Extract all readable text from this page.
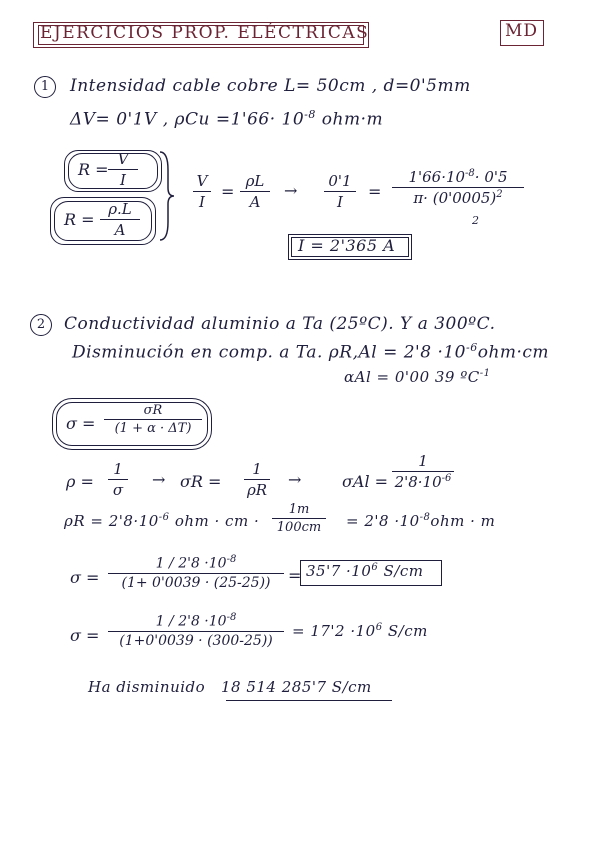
EJERCICIOS PROP. ELÉCTRICAS	MD
1	Intensidad cable cobre L= 50cm , d=0'5mm
ΔV= 0'1V , $\rho Cu =1'66\cdot 10^{-8}$ ohm·m
$R = \frac{V}{I}$
$R = \frac{\rho.L}{A}$
$\frac{V}{I} = \frac{\rho L}{A} \to \frac{0'1}{I} = \frac{1'66\cdot 10^{-8}\cdot 0'5}{\pi\cdot (0'0005)^2}$
2
I = 2'365 A
2	Conductividad aluminio a Ta (25ºC). Y a 300ºC.
Disminución en comp. a Ta. $\rho R,Al = 2'8 \cdot 10^{-6}ohm\cdot cm$
αAl = 0'00 39 ºC$^{-1}$
$\sigma = \frac{\sigma R}{(1 + \alpha \cdot \Delta T)}$
$\rho = \frac{1}{\sigma} \to \sigma R = \frac{1}{\rho R}$ →	$\sigma Al = \frac{1}{2'8\cdot 10^{-6}}$
$\rho R = 2'8\cdot 10^{-6}$ ohm · cm · $\frac{1m}{100cm} = 2'8 \cdot 10^{-8}ohm \cdot m$
$\sigma = \frac{1 / 2'8 \cdot 10^{-8}}{(1+ 0'0039 \cdot (25-25))} = 35'7 \cdot 10^6$ S/cm
$\sigma = \frac{1 / 2'8 \cdot 10^{-8}}{(1+0'0039 \cdot (300-25))} = 17'2 \cdot 10^6$ S/cm
Ha disminuido 18 514 285'7 S/cm
